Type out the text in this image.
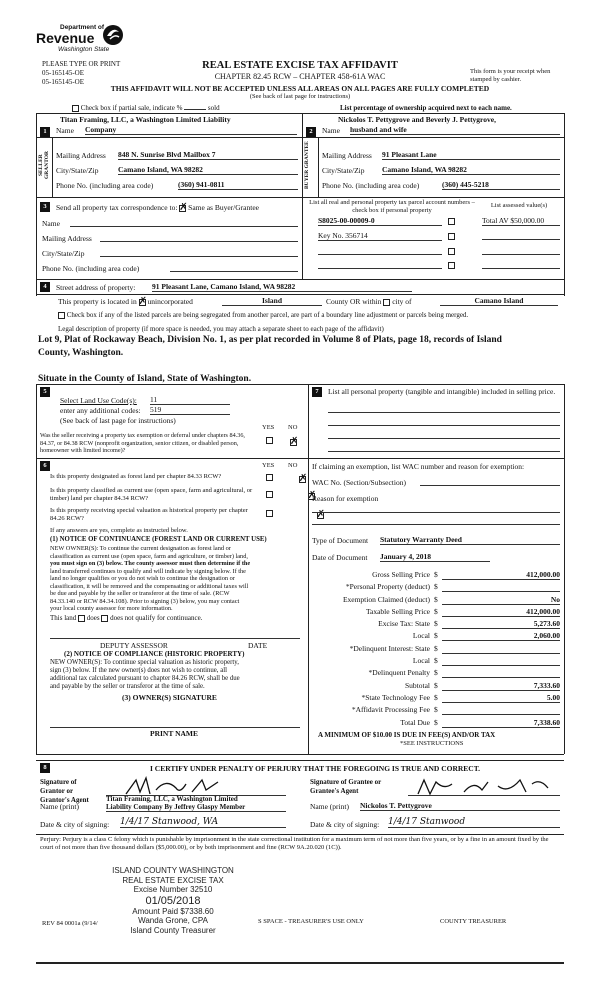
Department of
Revenue
Washington State
PLEASE TYPE OR PRINT
05-165145-OE
05-165145-OE
REAL ESTATE EXCISE TAX AFFIDAVIT
CHAPTER 82.45 RCW – CHAPTER 458-61A WAC
This form is your receipt when stamped by cashier.
THIS AFFIDAVIT WILL NOT BE ACCEPTED UNLESS ALL AREAS ON ALL PAGES ARE FULLY COMPLETED
(See back of last page for instructions)
Check box if partial sale, indicate %	sold	List percentage of ownership acquired next to each name.
1
Titan Framing, LLC, a Washington Limited Liability
Name Company
SELLER GRANTOR Mailing Address 848 N. Sunrise Blvd Mailbox 7
City/State/Zip	Camano Island, WA 98282
Phone No. (including area code)	(360) 941-0811
2
Nickolos T. Pettygrove and Beverly J. Pettygrove,
Name husband and wife
BUYER GRANTEE	Mailing Address 91 Pleasant Lane
City/State/Zip Camano Island, WA 98282
Phone No. (including area code)	(360) 445-5218
3	Send all property tax correspondence to: ✗ Same as Buyer/Grantee
List all real and personal property tax parcel account numbers – check box if personal property
List assessed value(s)
Name
Mailing Address
City/State/Zip
Phone No. (including area code)
S8025-00-00009-0	Total AV $50,000.00
Key No. 356714
4	Street address of property: 91 Pleasant Lane, Camano Island, WA 98282
This property is located in ✗ unincorporated	Island	County OR within city of	Camano Island
Check box if any of the listed parcels are being segregated from another parcel, are part of a boundary line adjustment or parcels being merged.
Legal description of property (if more space is needed, you may attach a separate sheet to each page of the affidavit)
Lot 9, Plat of Rockaway Beach, Division No. 1, as per plat recorded in Volume 8 of Plats, page 18, records of Island
County, Washington.
Situate in the County of Island, State of Washington.
5
Select Land Use Code(s): 11
enter any additional codes: 519
(See back of last page for instructions)
YES NO
Was the seller receiving a property tax exemption or deferral under chapters 84.36, 84.37, or 84.38 RCW (nonprofit organization, senior citizen, or disabled person, homeowner with limited income)?
✗
6	YES NO
Is this property designated as forest land per chapter 84.33 RCW?
✗
Is this property classified as current use (open space, farm and agricultural, or timber) land per chapter 84.34 RCW?
✗
Is this property receiving special valuation as historical property per chapter 84.26 RCW?
✗
If any answers are yes, complete as instructed below.
(1) NOTICE OF CONTINUANCE (FOREST LAND OR CURRENT USE)
NEW OWNER(S): To continue the current designation as forest land or
classification as current use (open space, farm and agriculture, or timber) land,
you must sign on (3) below. The county assessor must then determine if the
land transferred continues to qualify and will indicate by signing below. If the
land no longer qualifies or you do not wish to continue the designation or
classification, it will be removed and the compensating or additional taxes will
be due and payable by the seller or transferor at the time of sale. (RCW
84.33.140 or RCW 84.34.108). Prior to signing (3) below, you may contact
your local county assessor for more information.
This land does does not qualify for continuance.
DEPUTY ASSESSOR	DATE
(2) NOTICE OF COMPLIANCE (HISTORIC PROPERTY)
NEW OWNER(S): To continue special valuation as historic property,
sign (3) below. If the new owner(s) does not wish to continue, all
additional tax calculated pursuant to chapter 84.26 RCW, shall be due
and payable by the seller or transferor at the time of sale.
(3) OWNER(S) SIGNATURE
PRINT NAME
7	List all personal property (tangible and intangible) included in selling price.
If claiming an exemption, list WAC number and reason for exemption:
WAC No. (Section/Subsection)
Reason for exemption
Type of Document Statutory Warranty Deed
Date of Document January 4, 2018
Gross Selling Price $	412,000.00
*Personal Property (deduct) $
Exemption Claimed (deduct) $	No
Taxable Selling Price $	412,000.00
Excise Tax: State $	5,273.60
Local $	2,060.00
*Delinquent Interest: State $
Local $
*Delinquent Penalty $
Subtotal $	7,333.60
*State Technology Fee $	5.00
*Affidavit Processing Fee $
Total Due $	7,338.60
A MINIMUM OF $10.00 IS DUE IN FEE(S) AND/OR TAX
*SEE INSTRUCTIONS
8	I CERTIFY UNDER PENALTY OF PERJURY THAT THE FOREGOING IS TRUE AND CORRECT.
Signature of Grantor or Grantor's Agent
Signature of Grantee or Grantee's Agent
Name (print)
Titan Framing, LLC, a Washington Limited
Liability Company By Jeffrey Glaspy Member	Name (print) Nickolos T. Pettygrove
Date & city of signing: 1/4/17 Stanwood, WA	Date & city of signing: 1/4/17 Stanwood
Perjury: Perjury is a class C felony which is punishable by imprisonment in the state correctional institution for a maximum term of not more than five years, or by a fine in an amount fixed by the court of not more than five thousand dollars ($5,000.00), or by both imprisonment and fine (RCW 9A.20.020 (1C)).
ISLAND COUNTY WASHINGTON
REAL ESTATE EXCISE TAX
Excise Number 32510
01/05/2018
Amount Paid $7338.60
Wanda Grone, CPA
Island County Treasurer
REV 84 0001a (9/14/	S SPACE - TREASURER'S USE ONLY	COUNTY TREASURER
